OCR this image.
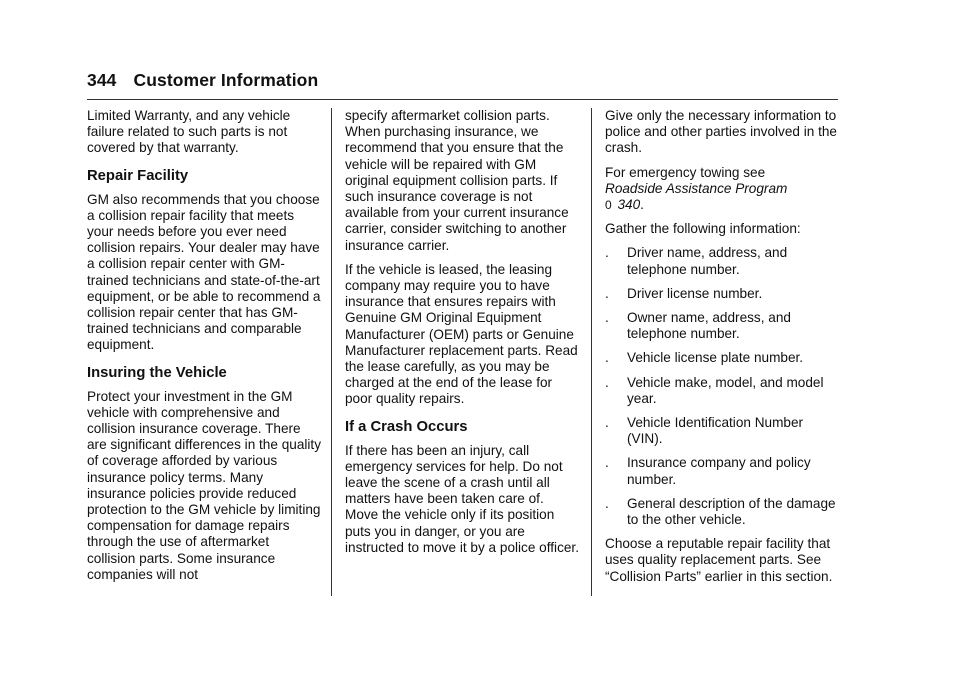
344 Customer Information

Limited Warranty, and any vehicle failure related to such parts is not covered by that warranty.

Repair Facility

GM also recommends that you choose a collision repair facility that meets your needs before you ever need collision repairs. Your dealer may have a collision repair center with GM-trained technicians and state-of-the-art equipment, or be able to recommend a collision repair center that has GM-trained technicians and comparable equipment.

Insuring the Vehicle

Protect your investment in the GM vehicle with comprehensive and collision insurance coverage. There are significant differences in the quality of coverage afforded by various insurance policy terms. Many insurance policies provide reduced protection to the GM vehicle by limiting compensation for damage repairs through the use of aftermarket collision parts. Some insurance companies will not

specify aftermarket collision parts. When purchasing insurance, we recommend that you ensure that the vehicle will be repaired with GM original equipment collision parts. If such insurance coverage is not available from your current insurance carrier, consider switching to another insurance carrier.

If the vehicle is leased, the leasing company may require you to have insurance that ensures repairs with Genuine GM Original Equipment Manufacturer (OEM) parts or Genuine Manufacturer replacement parts. Read the lease carefully, as you may be charged at the end of the lease for poor quality repairs.

If a Crash Occurs

If there has been an injury, call emergency services for help. Do not leave the scene of a crash until all matters have been taken care of. Move the vehicle only if its position puts you in danger, or you are instructed to move it by a police officer.

Give only the necessary information to police and other parties involved in the crash.

For emergency towing see
Roadside Assistance Program
0 340.

Gather the following information:

.	Driver name, address, and telephone number.
.	Driver license number.
.	Owner name, address, and telephone number.
.	Vehicle license plate number.
.	Vehicle make, model, and model year.
.	Vehicle Identification Number (VIN).
.	Insurance company and policy number.
.	General description of the damage to the other vehicle.

Choose a reputable repair facility that uses quality replacement parts. See “Collision Parts” earlier in this section.
